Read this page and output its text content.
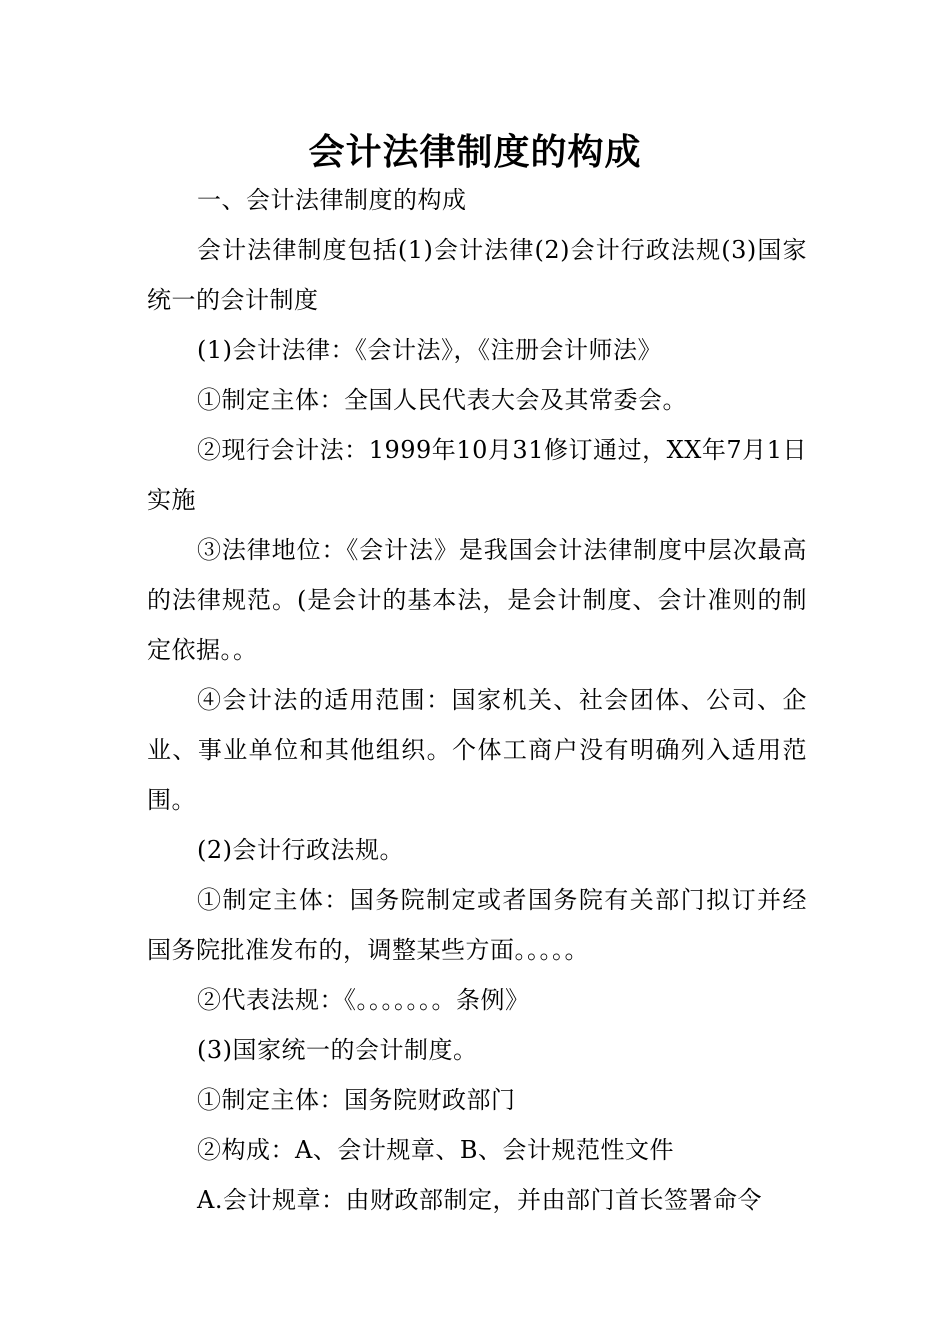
会计法律制度的构成

一、会计法律制度的构成

会计法律制度包括(1)会计法律(2)会计行政法规(3)国家统一的会计制度

(1)会计法律：《会计法》，《注册会计师法》

①制定主体：全国人民代表大会及其常委会。

②现行会计法：1999年10月31修订通过，XX年7月1日实施

③法律地位：《会计法》是我国会计法律制度中层次最高的法律规范。(是会计的基本法，是会计制度、会计准则的制定依据。。

④会计法的适用范围：国家机关、社会团体、公司、企业、事业单位和其他组织。个体工商户没有明确列入适用范围。

(2)会计行政法规。

①制定主体：国务院制定或者国务院有关部门拟订并经国务院批准发布的，调整某些方面。。。。。

②代表法规：《。。。。。。。条例》

(3)国家统一的会计制度。

①制定主体：国务院财政部门

②构成：A、会计规章、B、会计规范性文件

A.会计规章：由财政部制定，并由部门首长签署命令
